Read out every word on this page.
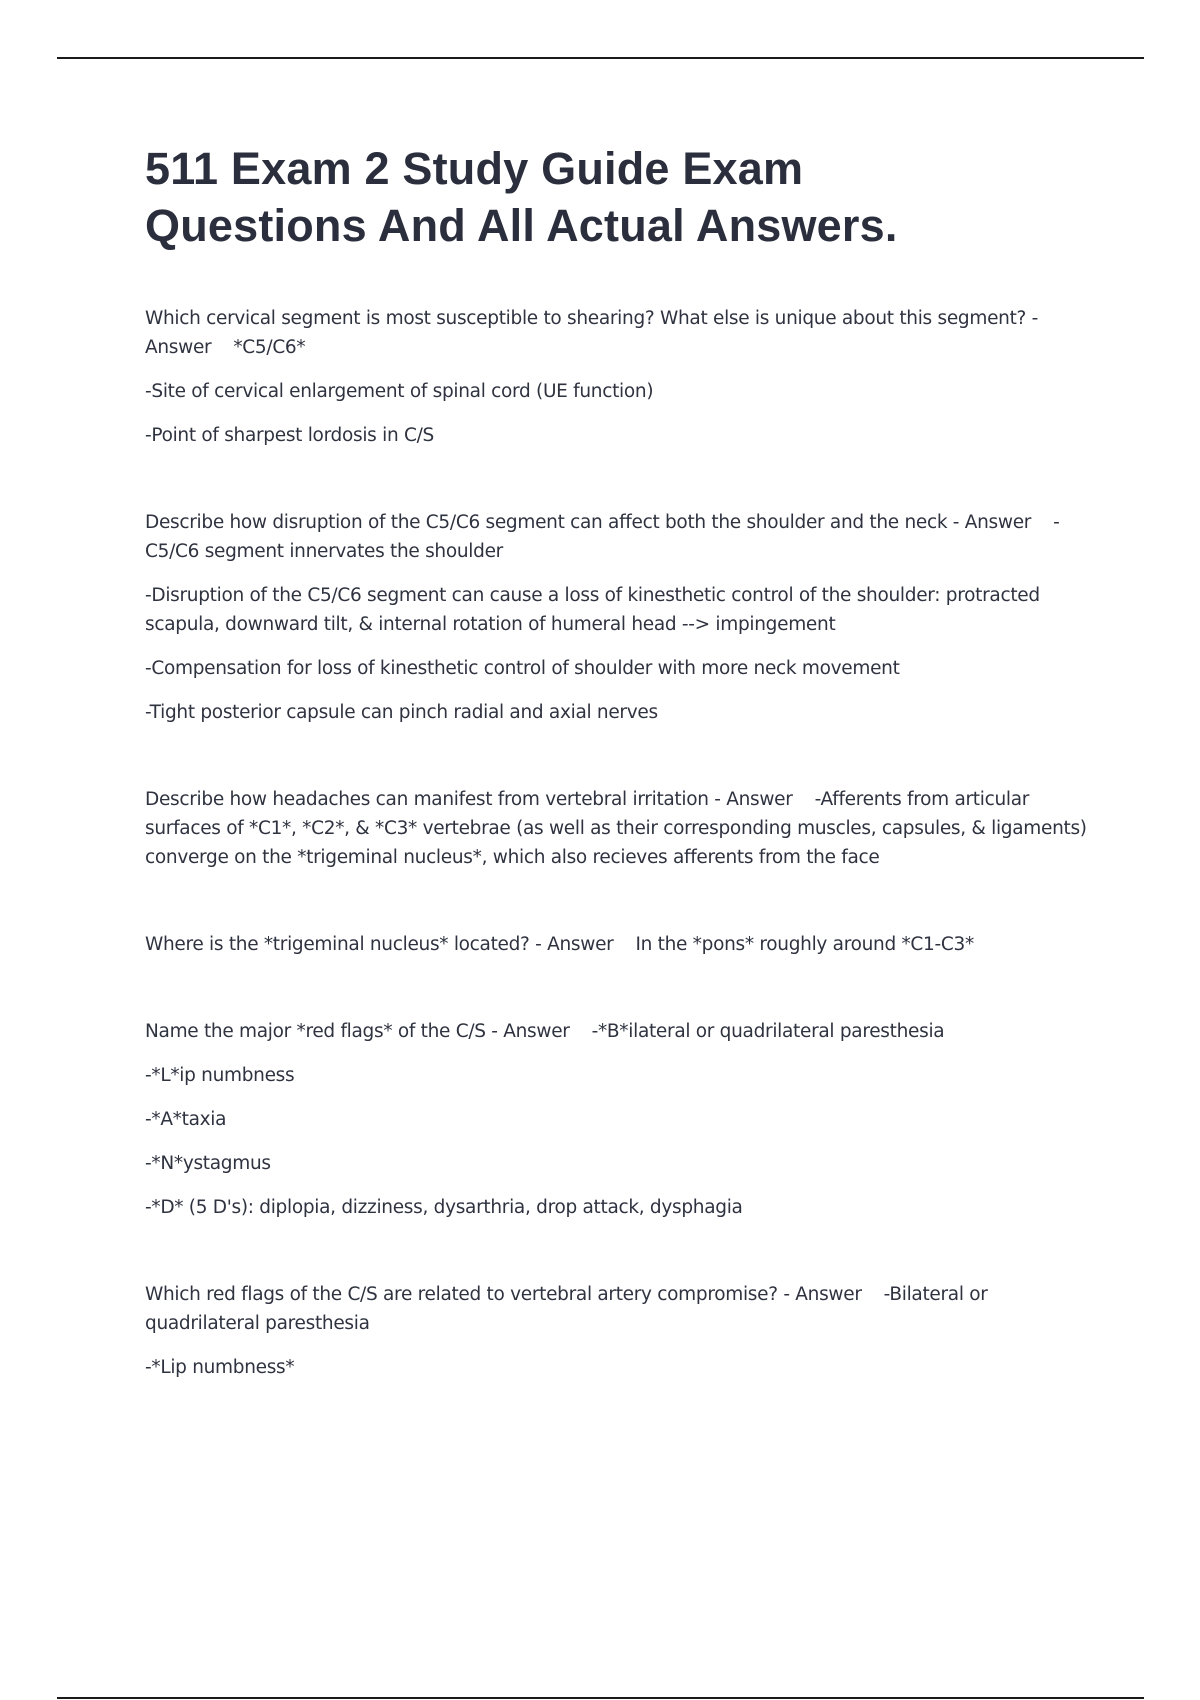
511 Exam 2 Study Guide Exam
Questions And All Actual Answers.

Which cervical segment is most susceptible to shearing? What else is unique about this segment? - Answer *C5/C6*

-Site of cervical enlargement of spinal cord (UE function)

-Point of sharpest lordosis in C/S

Describe how disruption of the C5/C6 segment can affect both the shoulder and the neck - Answer -C5/C6 segment innervates the shoulder

-Disruption of the C5/C6 segment can cause a loss of kinesthetic control of the shoulder: protracted scapula, downward tilt, & internal rotation of humeral head --> impingement

-Compensation for loss of kinesthetic control of shoulder with more neck movement

-Tight posterior capsule can pinch radial and axial nerves

Describe how headaches can manifest from vertebral irritation - Answer -Afferents from articular surfaces of *C1*, *C2*, & *C3* vertebrae (as well as their corresponding muscles, capsules, & ligaments) converge on the *trigeminal nucleus*, which also recieves afferents from the face

Where is the *trigeminal nucleus* located? - Answer In the *pons* roughly around *C1-C3*

Name the major *red flags* of the C/S - Answer -*B*ilateral or quadrilateral paresthesia

-*L*ip numbness

-*A*taxia

-*N*ystagmus

-*D* (5 D's): diplopia, dizziness, dysarthria, drop attack, dysphagia

Which red flags of the C/S are related to vertebral artery compromise? - Answer -Bilateral or quadrilateral paresthesia

-*Lip numbness*
